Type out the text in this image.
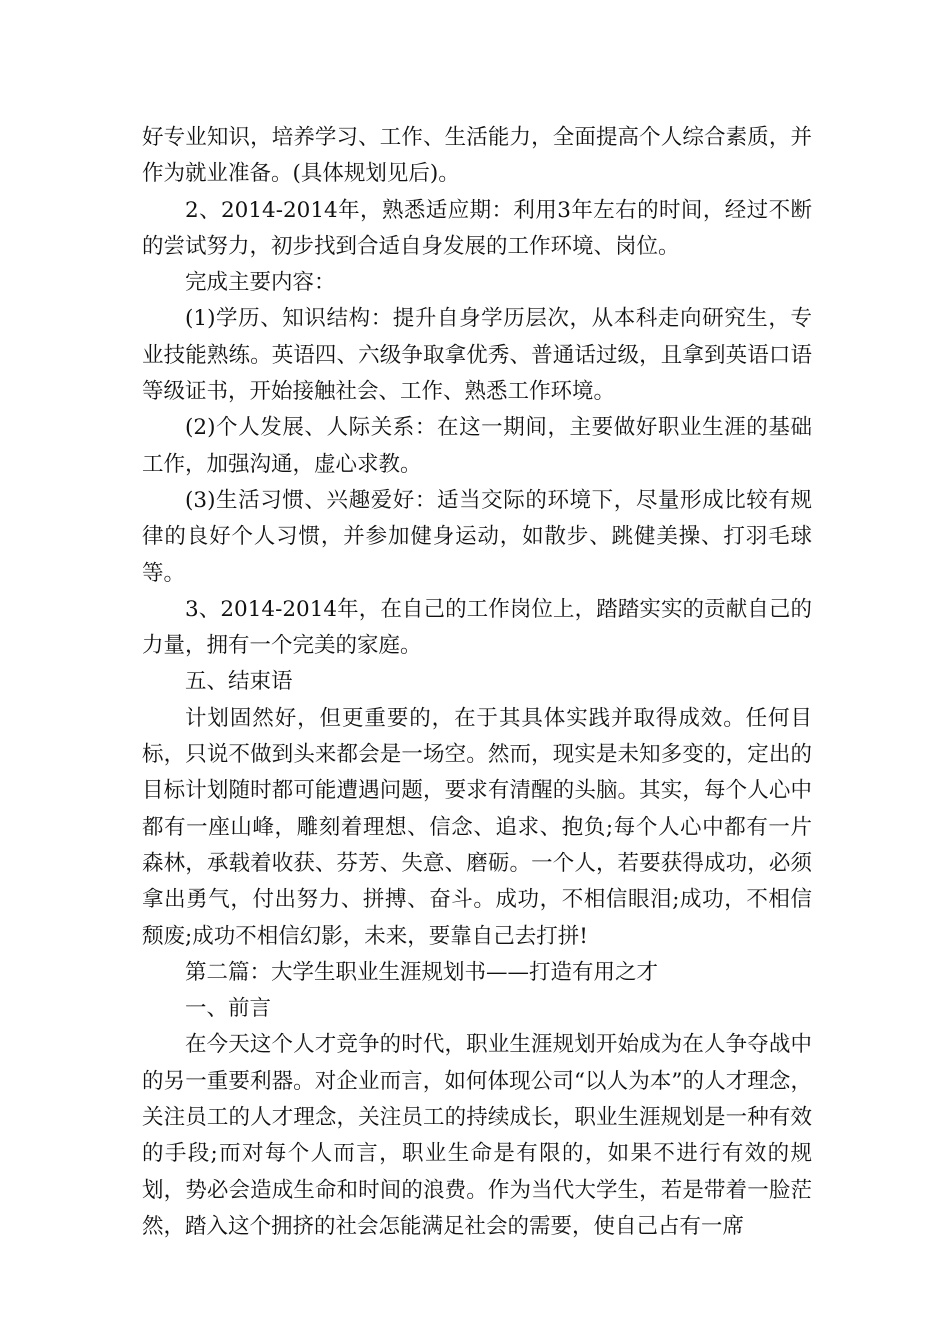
好专业知识，培养学习、工作、生活能力，全面提高个人综合素质，并作为就业准备。(具体规划见后)。

2、2014-2014年，熟悉适应期：利用3年左右的时间，经过不断的尝试努力，初步找到合适自身发展的工作环境、岗位。

完成主要内容：

(1)学历、知识结构：提升自身学历层次，从本科走向研究生，专业技能熟练。英语四、六级争取拿优秀、普通话过级，且拿到英语口语等级证书，开始接触社会、工作、熟悉工作环境。

(2)个人发展、人际关系：在这一期间，主要做好职业生涯的基础工作，加强沟通，虚心求教。

(3)生活习惯、兴趣爱好：适当交际的环境下，尽量形成比较有规律的良好个人习惯，并参加健身运动，如散步、跳健美操、打羽毛球等。

3、2014-2014年，在自己的工作岗位上，踏踏实实的贡献自己的力量，拥有一个完美的家庭。

五、结束语

计划固然好，但更重要的，在于其具体实践并取得成效。任何目标，只说不做到头来都会是一场空。然而，现实是未知多变的，定出的目标计划随时都可能遭遇问题，要求有清醒的头脑。其实，每个人心中都有一座山峰，雕刻着理想、信念、追求、抱负;每个人心中都有一片森林，承载着收获、芬芳、失意、磨砺。一个人，若要获得成功，必须拿出勇气，付出努力、拼搏、奋斗。成功，不相信眼泪;成功，不相信颓废;成功不相信幻影，未来，要靠自己去打拼!

第二篇：大学生职业生涯规划书——打造有用之才

一、前言

在今天这个人才竞争的时代，职业生涯规划开始成为在人争夺战中的另一重要利器。对企业而言，如何体现公司“以人为本”的人才理念，关注员工的人才理念，关注员工的持续成长，职业生涯规划是一种有效的手段;而对每个人而言，职业生命是有限的，如果不进行有效的规划，势必会造成生命和时间的浪费。作为当代大学生，若是带着一脸茫然，踏入这个拥挤的社会怎能满足社会的需要，使自己占有一席
